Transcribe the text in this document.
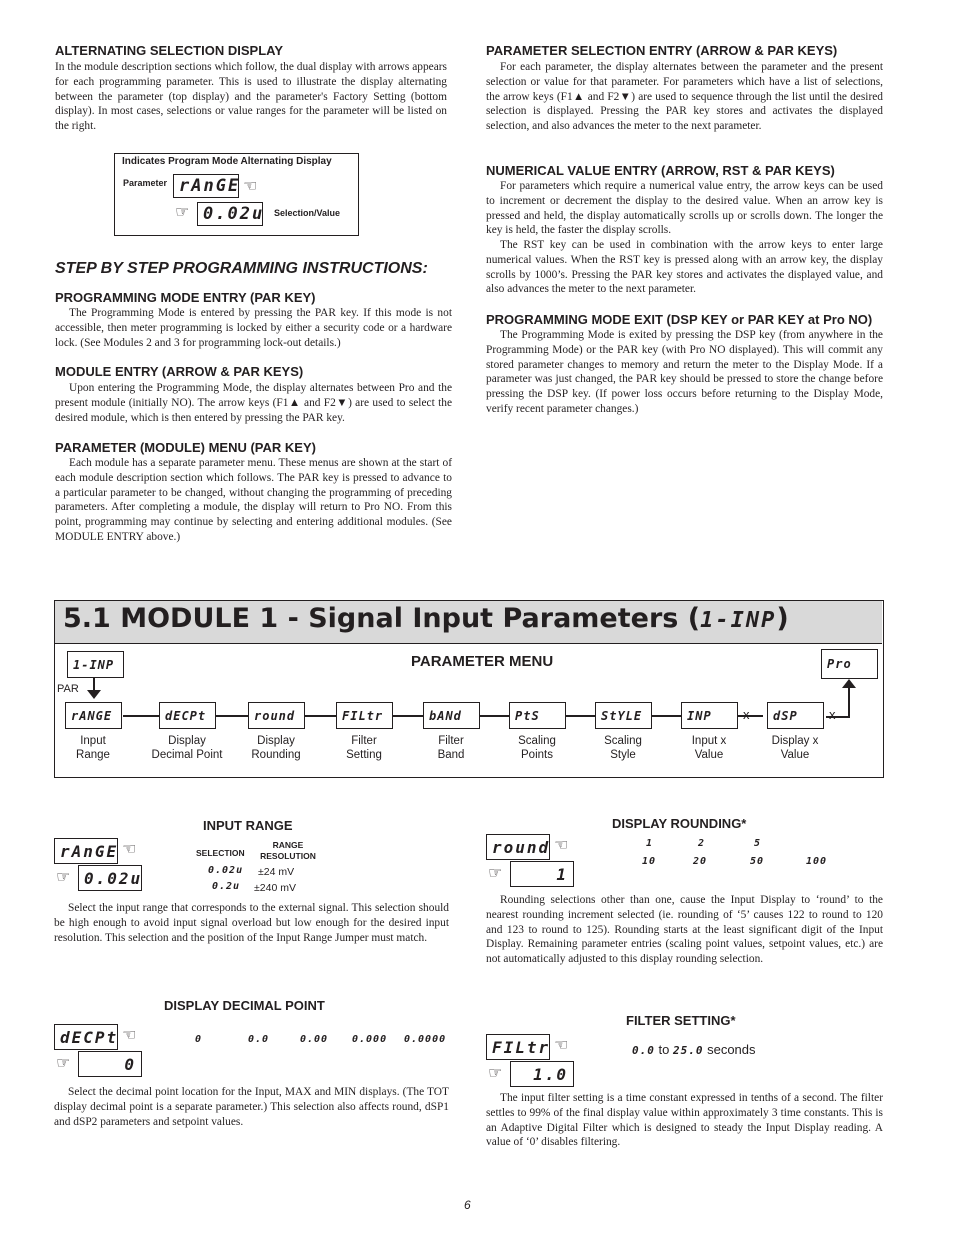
ALTERNATING SELECTION DISPLAY

In the module description sections which follow, the dual display with arrows appears for each programming parameter. This is used to illustrate the display alternating between the parameter (top display) and the parameter's Factory Setting (bottom display). In most cases, selections or value ranges for the parameter will be listed on the right.

Indicates Program Mode Alternating Display
Parameter rAnGE ☜
☞ 0.02u Selection/Value
STEP BY STEP PROGRAMMING INSTRUCTIONS:
PROGRAMMING MODE ENTRY (PAR KEY)

The Programming Mode is entered by pressing the PAR key. If this mode is not accessible, then meter programming is locked by either a security code or a hardware lock. (See Modules 2 and 3 for programming lock-out details.)

MODULE ENTRY (ARROW & PAR KEYS)

Upon entering the Programming Mode, the display alternates between Pro and the present module (initially NO). The arrow keys (F1▲ and F2▼) are used to select the desired module, which is then entered by pressing the PAR key.

PARAMETER (MODULE) MENU (PAR KEY)

Each module has a separate parameter menu. These menus are shown at the start of each module description section which follows. The PAR key is pressed to advance to a particular parameter to be changed, without changing the programming of preceding parameters. After completing a module, the display will return to Pro NO. From this point, programming may continue by selecting and entering additional modules. (See MODULE ENTRY above.)

PARAMETER SELECTION ENTRY (ARROW & PAR KEYS)

For each parameter, the display alternates between the parameter and the present selection or value for that parameter. For parameters which have a list of selections, the arrow keys (F1▲ and F2▼) are used to sequence through the list until the desired selection is displayed. Pressing the PAR key stores and activates the displayed selection, and also advances the meter to the next parameter.

NUMERICAL VALUE ENTRY (ARROW, RST & PAR KEYS)

For parameters which require a numerical value entry, the arrow keys can be used to increment or decrement the display to the desired value. When an arrow key is pressed and held, the display automatically scrolls up or scrolls down. The longer the key is held, the faster the display scrolls.

The RST key can be used in combination with the arrow keys to enter large numerical values. When the RST key is pressed along with an arrow key, the display scrolls by 1000’s. Pressing the PAR key stores and activates the displayed value, and also advances the meter to the next parameter.

PROGRAMMING MODE EXIT (DSP KEY or PAR KEY at Pro NO)

The Programming Mode is exited by pressing the DSP key (from anywhere in the Programming Mode) or the PAR key (with Pro NO displayed). This will commit any stored parameter changes to memory and return the meter to the Display Mode. If a parameter was just changed, the PAR key should be pressed to store the change before pressing the DSP key. (If power loss occurs before returning to the Display Mode, verify recent parameter changes.)

5.1 MODULE 1 - Signal Input Parameters (1-INP)
1-INP
PAR
PARAMETER MENU	Pro
rANGE
Input
Range
dECPt
Display
Decimal Point
round
Display
Rounding
FILtr
Filter
Setting
bANd
Filter
Band
PtS
Scaling
Points
StYLE
Scaling
Style
INP x
Input x
Value
dSP x
Display x
Value
INPUT RANGE
rAnGE ☜
☞ 0.02u
SELECTION
RANGE RESOLUTION
0.02u ±24 mV
0.2u ±240 mV

Select the input range that corresponds to the external signal. This selection should be high enough to avoid input signal overload but low enough for the desired input resolution. This selection and the position of the Input Range Jumper must match.

DISPLAY DECIMAL POINT
dECPt ☜
☞	0
0	0.0	0.00 0.000 0.0000

Select the decimal point location for the Input, MAX and MIN displays. (The TOT display decimal point is a separate parameter.) This selection also affects round, dSP1 and dSP2 parameters and setpoint values.

DISPLAY ROUNDING*
round ☜
☞	1
1	2	5
10	20	50	100

Rounding selections other than one, cause the Input Display to ‘round’ to the nearest rounding increment selected (ie. rounding of ‘5’ causes 122 to round to 120 and 123 to round to 125). Rounding starts at the least significant digit of the Input Display. Remaining parameter entries (scaling point values, setpoint values, etc.) are not automatically adjusted to this display rounding selection.

FILTER SETTING*
FILtr ☜
☞ 1.0
0.0 to 25.0 seconds

The input filter setting is a time constant expressed in tenths of a second. The filter settles to 99% of the final display value within approximately 3 time constants. This is an Adaptive Digital Filter which is designed to steady the Input Display reading. A value of ‘0’ disables filtering.

6
